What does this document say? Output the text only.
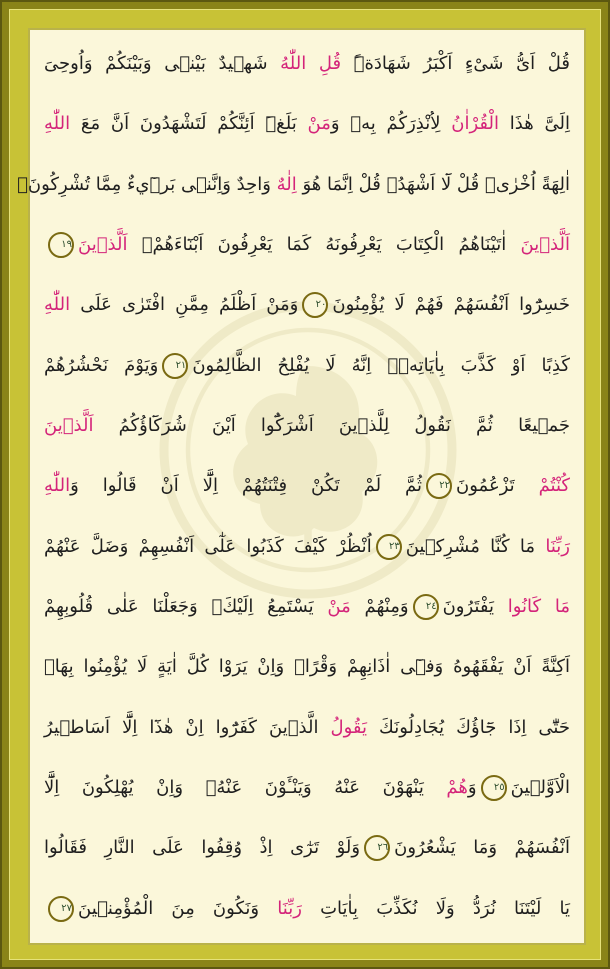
قُلْ اَىُّ شَىْءٍ اَكْبَرُ شَهَادَةًۜ قُلِ اللّٰهُ شَهٖيدٌ بَيْنٖى وَبَيْنَكُمْ وَاُوحِىَ
اِلَىَّ هٰذَا الْقُرْاٰنُ لِاُنْذِرَكُمْ بِهٖ وَمَنْ بَلَغَۜ اَئِنَّكُمْ لَتَشْهَدُونَ اَنَّ مَعَ اللّٰهِ
اٰلِهَةً اُخْرٰىۜ قُلْ لَٓا اَشْهَدُۚ قُلْ اِنَّمَا هُوَ اِلٰهٌ وَاحِدٌ وَاِنَّنٖى بَرٖٓيءٌ مِمَّا تُشْرِكُونَۢ
اَلَّذٖينَ اٰتَيْنَاهُمُ الْكِتَابَ يَعْرِفُونَهُ كَمَا يَعْرِفُونَ اَبْنَٓاءَهُمْۢ اَلَّذٖينَ١٩
خَسِرُٓوا اَنْفُسَهُمْ فَهُمْ لَا يُؤْمِنُونَ٢٠وَمَنْ اَظْلَمُ مِمَّنِ افْتَرٰى عَلَى اللّٰهِ
كَذِبًا اَوْ كَذَّبَ بِاٰيَاتِهٖۜ اِنَّهُ لَا يُفْلِحُ الظَّالِمُونَ٢١وَيَوْمَ نَحْشُرُهُمْ
جَمٖيعًا ثُمَّ نَقُولُ لِلَّذٖينَ اَشْرَكُٓوا اَيْنَ شُرَكَٓاؤُكُمُ اَلَّذٖينَ
كُنْتُمْ تَزْعُمُونَ٢٢ثُمَّ لَمْ تَكُنْ فِتْنَتُهُمْ اِلَّٓا اَنْ قَالُوا وَاللّٰهِ
رَبِّنَا مَا كُنَّا مُشْرِكٖينَ٢٣اُنْظُرْ كَيْفَ كَذَبُوا عَلٰٓى اَنْفُسِهِمْ وَضَلَّ عَنْهُمْ
مَا كَانُوا يَفْتَرُونَ٢٤وَمِنْهُمْ مَنْ يَسْتَمِعُ اِلَيْكَۚ وَجَعَلْنَا عَلٰى قُلُوبِهِمْ
اَكِنَّةً اَنْ يَفْقَهُوهُ وَفٖٓى اٰذَانِهِمْ وَقْرًاۜ وَاِنْ يَرَوْا كُلَّ اٰيَةٍ لَا يُؤْمِنُوا بِهَاۜ
حَتّٰٓى اِذَا جَٓاؤُكَ يُجَادِلُونَكَ يَقُولُ الَّذٖينَ كَفَرُٓوا اِنْ هٰذَٓا اِلَّٓا اَسَاطٖيرُ
الْاَوَّلٖينَ٢٥وَهُمْ يَنْهَوْنَ عَنْهُ وَيَنْـَٔوْنَ عَنْهُۚ وَاِنْ يُهْلِكُونَ اِلَّٓا
اَنْفُسَهُمْ وَمَا يَشْعُرُونَ٢٦وَلَوْ تَرٰٓى اِذْ وُقِفُوا عَلَى النَّارِ فَقَالُوا
يَا لَيْتَنَا نُرَدُّ وَلَا نُكَذِّبَ بِاٰيَاتِ رَبِّنَا وَنَكُونَ مِنَ الْمُؤْمِنٖينَ٢٧
